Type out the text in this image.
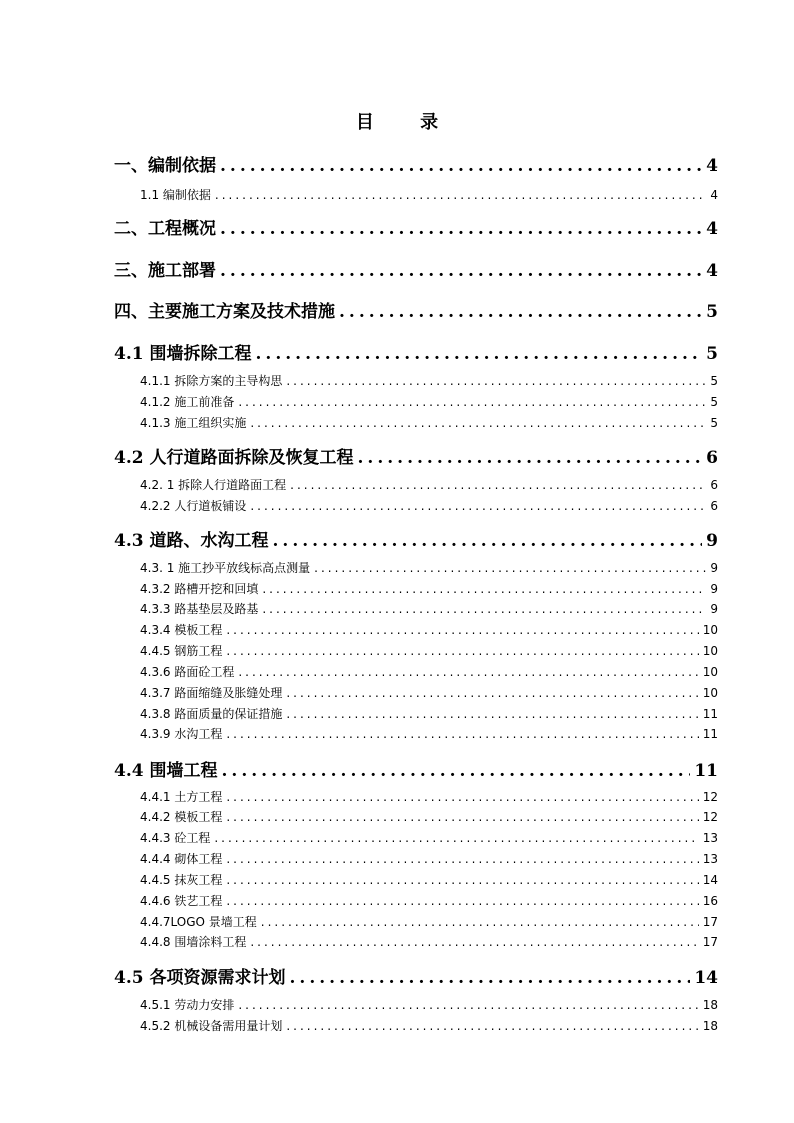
目 录
一、编制依据 .....	4
1.1 编制依据 .....	4
二、工程概况 .....	4
三、施工部署 .....	4
四、主要施工方案及技术措施 .....	5
4.1 围墙拆除工程 .....	5
4.1.1 拆除方案的主导构思 .....	5
4.1.2 施工前准备 .....	5
4.1.3 施工组织实施 .....	5
4.2 人行道路面拆除及恢复工程 .....	6
4.2. 1 拆除人行道路面工程 .....	6
4.2.2 人行道板铺设 .....	6
4.3 道路、水沟工程 .....	9
4.3. 1 施工抄平放线标高点测量 .....	9
4.3.2 路槽开挖和回填 .....	9
4.3.3 路基垫层及路基 .....	9
4.3.4 模板工程 .....	10
4.4.5 钢筋工程 .....	10
4.3.6 路面砼工程 .....	10
4.3.7 路面缩缝及胀缝处理 .....	10
4.3.8 路面质量的保证措施 .....	11
4.3.9 水沟工程 .....	11
4.4 围墙工程 .....	11
4.4.1 土方工程 .....	12
4.4.2 模板工程 .....	12
4.4.3 砼工程 .....	13
4.4.4 砌体工程 .....	13
4.4.5 抹灰工程 .....	14
4.4.6 铁艺工程 .....	16
4.4.7LOGO 景墙工程 .....	17
4.4.8 围墙涂料工程 .....	17
4.5 各项资源需求计划 .....	14
4.5.1 劳动力安排 .....	18
4.5.2 机械设备需用量计划 .....	18
